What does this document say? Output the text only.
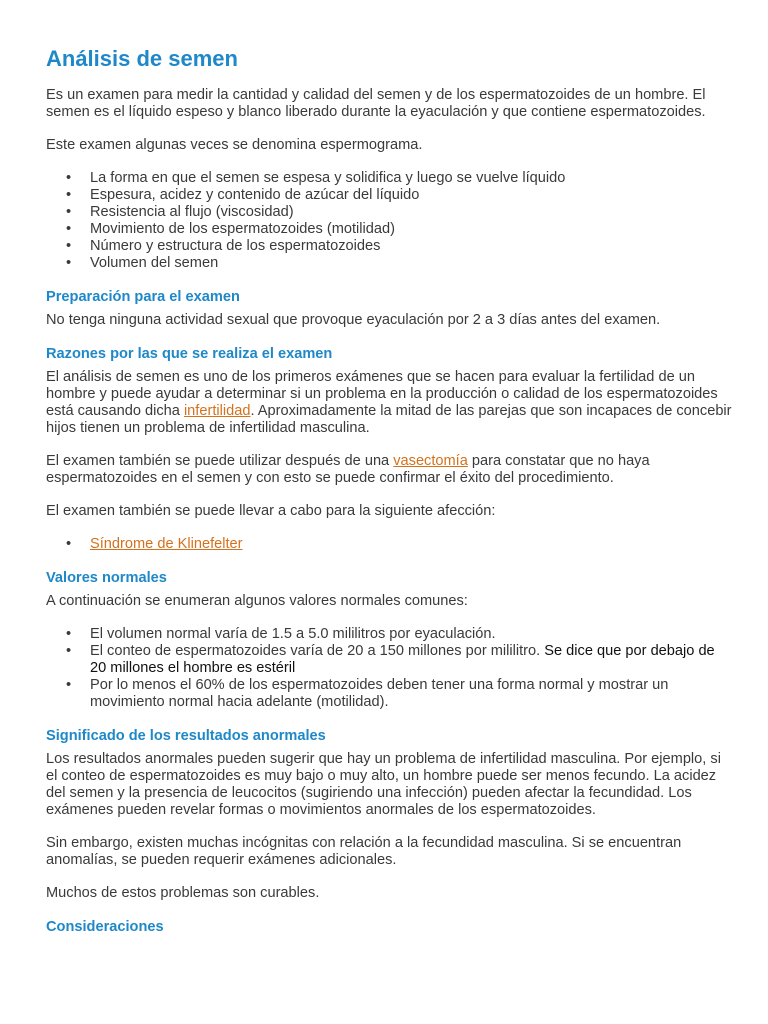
Análisis de semen

Es un examen para medir la cantidad y calidad del semen y de los espermatozoides de un hombre. El semen es el líquido espeso y blanco liberado durante la eyaculación y que contiene espermatozoides.

Este examen algunas veces se denomina espermograma.

• La forma en que el semen se espesa y solidifica y luego se vuelve líquido
• Espesura, acidez y contenido de azúcar del líquido
• Resistencia al flujo (viscosidad)
• Movimiento de los espermatozoides (motilidad)
• Número y estructura de los espermatozoides
• Volumen del semen
Preparación para el examen

No tenga ninguna actividad sexual que provoque eyaculación por 2 a 3 días antes del examen.

Razones por las que se realiza el examen

El análisis de semen es uno de los primeros exámenes que se hacen para evaluar la fertilidad de un hombre y puede ayudar a determinar si un problema en la producción o calidad de los espermatozoides está causando dicha infertilidad. Aproximadamente la mitad de las parejas que son incapaces de concebir hijos tienen un problema de infertilidad masculina.

El examen también se puede utilizar después de una vasectomía para constatar que no haya espermatozoides en el semen y con esto se puede confirmar el éxito del procedimiento.

El examen también se puede llevar a cabo para la siguiente afección:

• Síndrome de Klinefelter
Valores normales

A continuación se enumeran algunos valores normales comunes:

• El volumen normal varía de 1.5 a 5.0 mililitros por eyaculación.
• El conteo de espermatozoides varía de 20 a 150 millones por mililitro. Se dice que por debajo de 20 millones el hombre es estéril
• Por lo menos el 60% de los espermatozoides deben tener una forma normal y mostrar un movimiento normal hacia adelante (motilidad).
Significado de los resultados anormales

Los resultados anormales pueden sugerir que hay un problema de infertilidad masculina. Por ejemplo, si el conteo de espermatozoides es muy bajo o muy alto, un hombre puede ser menos fecundo. La acidez del semen y la presencia de leucocitos (sugiriendo una infección) pueden afectar la fecundidad. Los exámenes pueden revelar formas o movimientos anormales de los espermatozoides.

Sin embargo, existen muchas incógnitas con relación a la fecundidad masculina. Si se encuentran anomalías, se pueden requerir exámenes adicionales.

Muchos de estos problemas son curables.

Consideraciones
